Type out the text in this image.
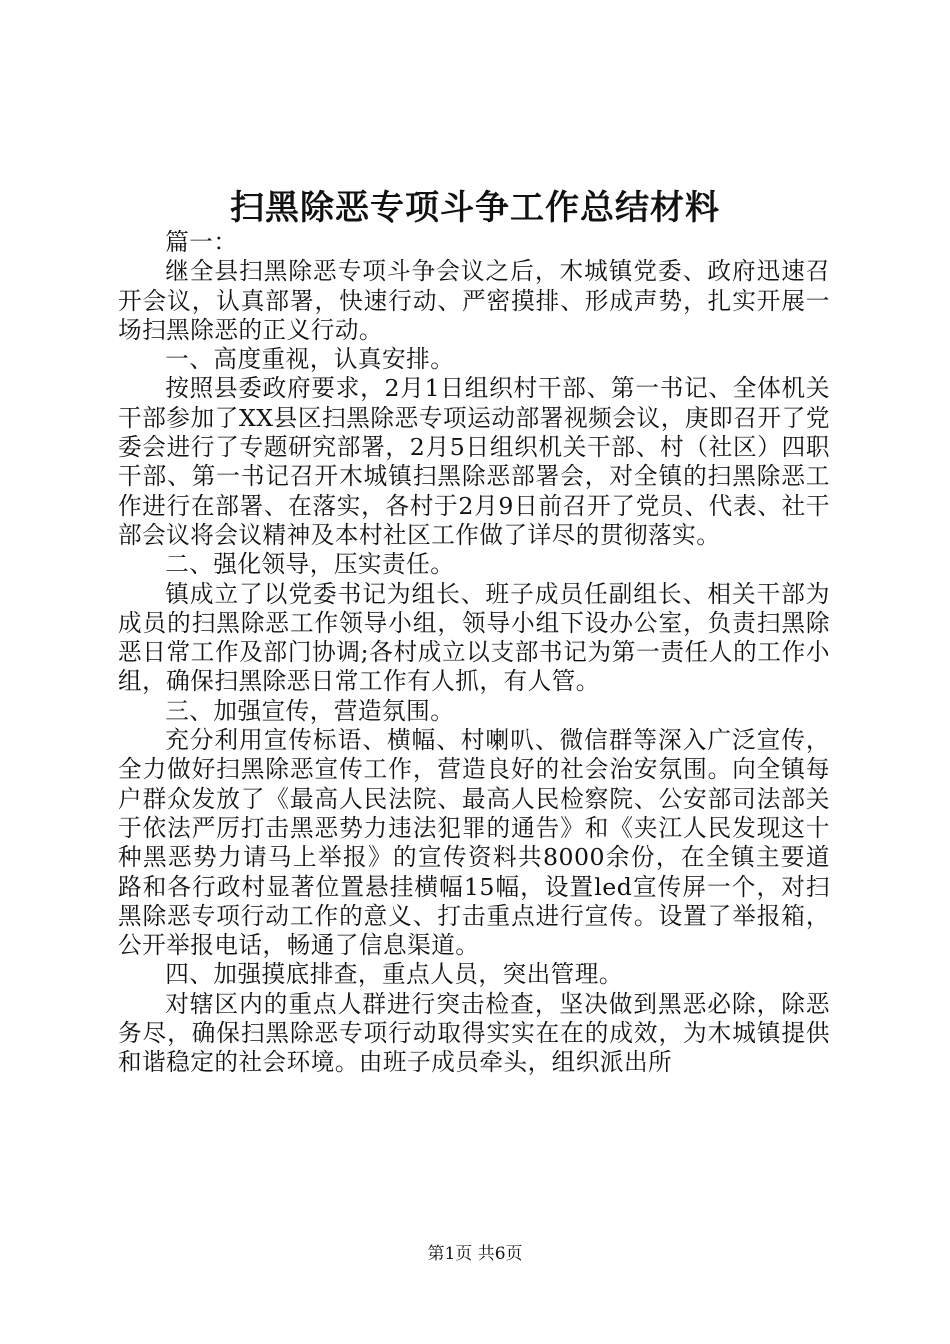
扫黑除恶专项斗争工作总结材料

篇一：

继全县扫黑除恶专项斗争会议之后，木城镇党委、政府迅速召开会议，认真部署，快速行动、严密摸排、形成声势，扎实开展一场扫黑除恶的正义行动。

一、高度重视，认真安排。

按照县委政府要求，2月1日组织村干部、第一书记、全体机关干部参加了XX县区扫黑除恶专项运动部署视频会议，庚即召开了党委会进行了专题研究部署，2月5日组织机关干部、村（社区）四职干部、第一书记召开木城镇扫黑除恶部署会，对全镇的扫黑除恶工作进行在部署、在落实，各村于2月9日前召开了党员、代表、社干部会议将会议精神及本村社区工作做了详尽的贯彻落实。

二、强化领导，压实责任。

镇成立了以党委书记为组长、班子成员任副组长、相关干部为成员的扫黑除恶工作领导小组，领导小组下设办公室，负责扫黑除恶日常工作及部门协调;各村成立以支部书记为第一责任人的工作小组，确保扫黑除恶日常工作有人抓，有人管。

三、加强宣传，营造氛围。

充分利用宣传标语、横幅、村喇叭、微信群等深入广泛宣传，全力做好扫黑除恶宣传工作，营造良好的社会治安氛围。向全镇每户群众发放了《最高人民法院、最高人民检察院、公安部司法部关于依法严厉打击黑恶势力违法犯罪的通告》和《夹江人民发现这十种黑恶势力请马上举报》的宣传资料共8000余份，在全镇主要道路和各行政村显著位置悬挂横幅15幅，设置led宣传屏一个，对扫黑除恶专项行动工作的意义、打击重点进行宣传。设置了举报箱，公开举报电话，畅通了信息渠道。

四、加强摸底排查，重点人员，突出管理。

对辖区内的重点人群进行突击检查，坚决做到黑恶必除，除恶务尽，确保扫黑除恶专项行动取得实实在在的成效，为木城镇提供和谐稳定的社会环境。由班子成员牵头，组织派出所

第1页 共6页
